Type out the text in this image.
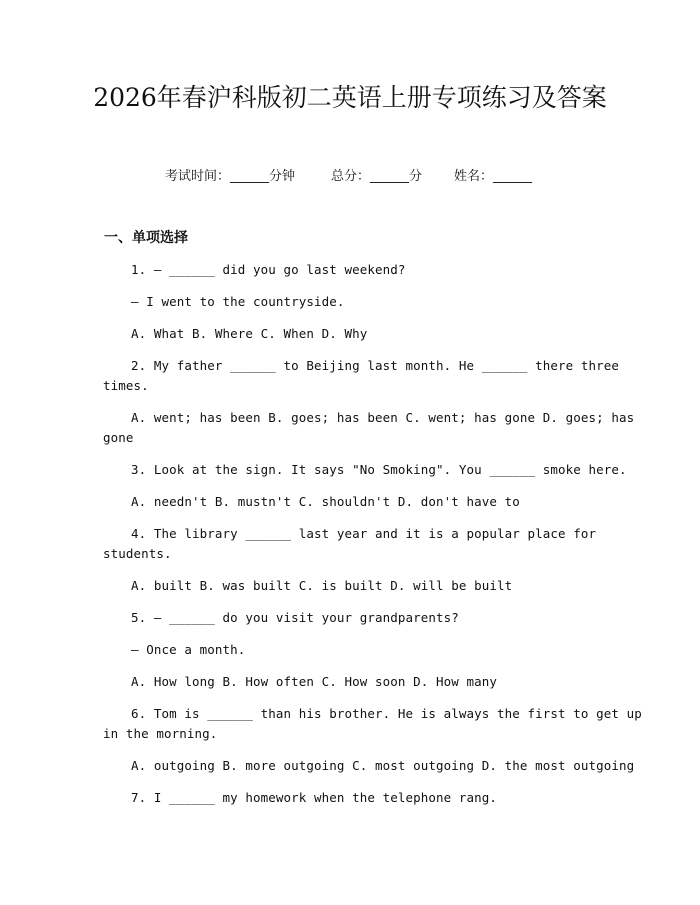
2026年春沪科版初二英语上册专项练习及答案
考试时间：______分钟	总分：______分 姓名：______
一、单项选择
1. — ______ did you go last weekend?
— I went to the countryside.
A. What B. Where C. When D. Why
2. My father ______ to Beijing last month. He ______ there three
times.
A. went; has been B. goes; has been C. went; has gone D. goes; has
gone
3. Look at the sign. It says "No Smoking". You ______ smoke here.
A. needn't B. mustn't C. shouldn't D. don't have to
4. The library ______ last year and it is a popular place for
students.
A. built B. was built C. is built D. will be built
5. — ______ do you visit your grandparents?
— Once a month.
A. How long B. How often C. How soon D. How many
6. Tom is ______ than his brother. He is always the first to get up
in the morning.
A. outgoing B. more outgoing C. most outgoing D. the most outgoing
7. I ______ my homework when the telephone rang.
